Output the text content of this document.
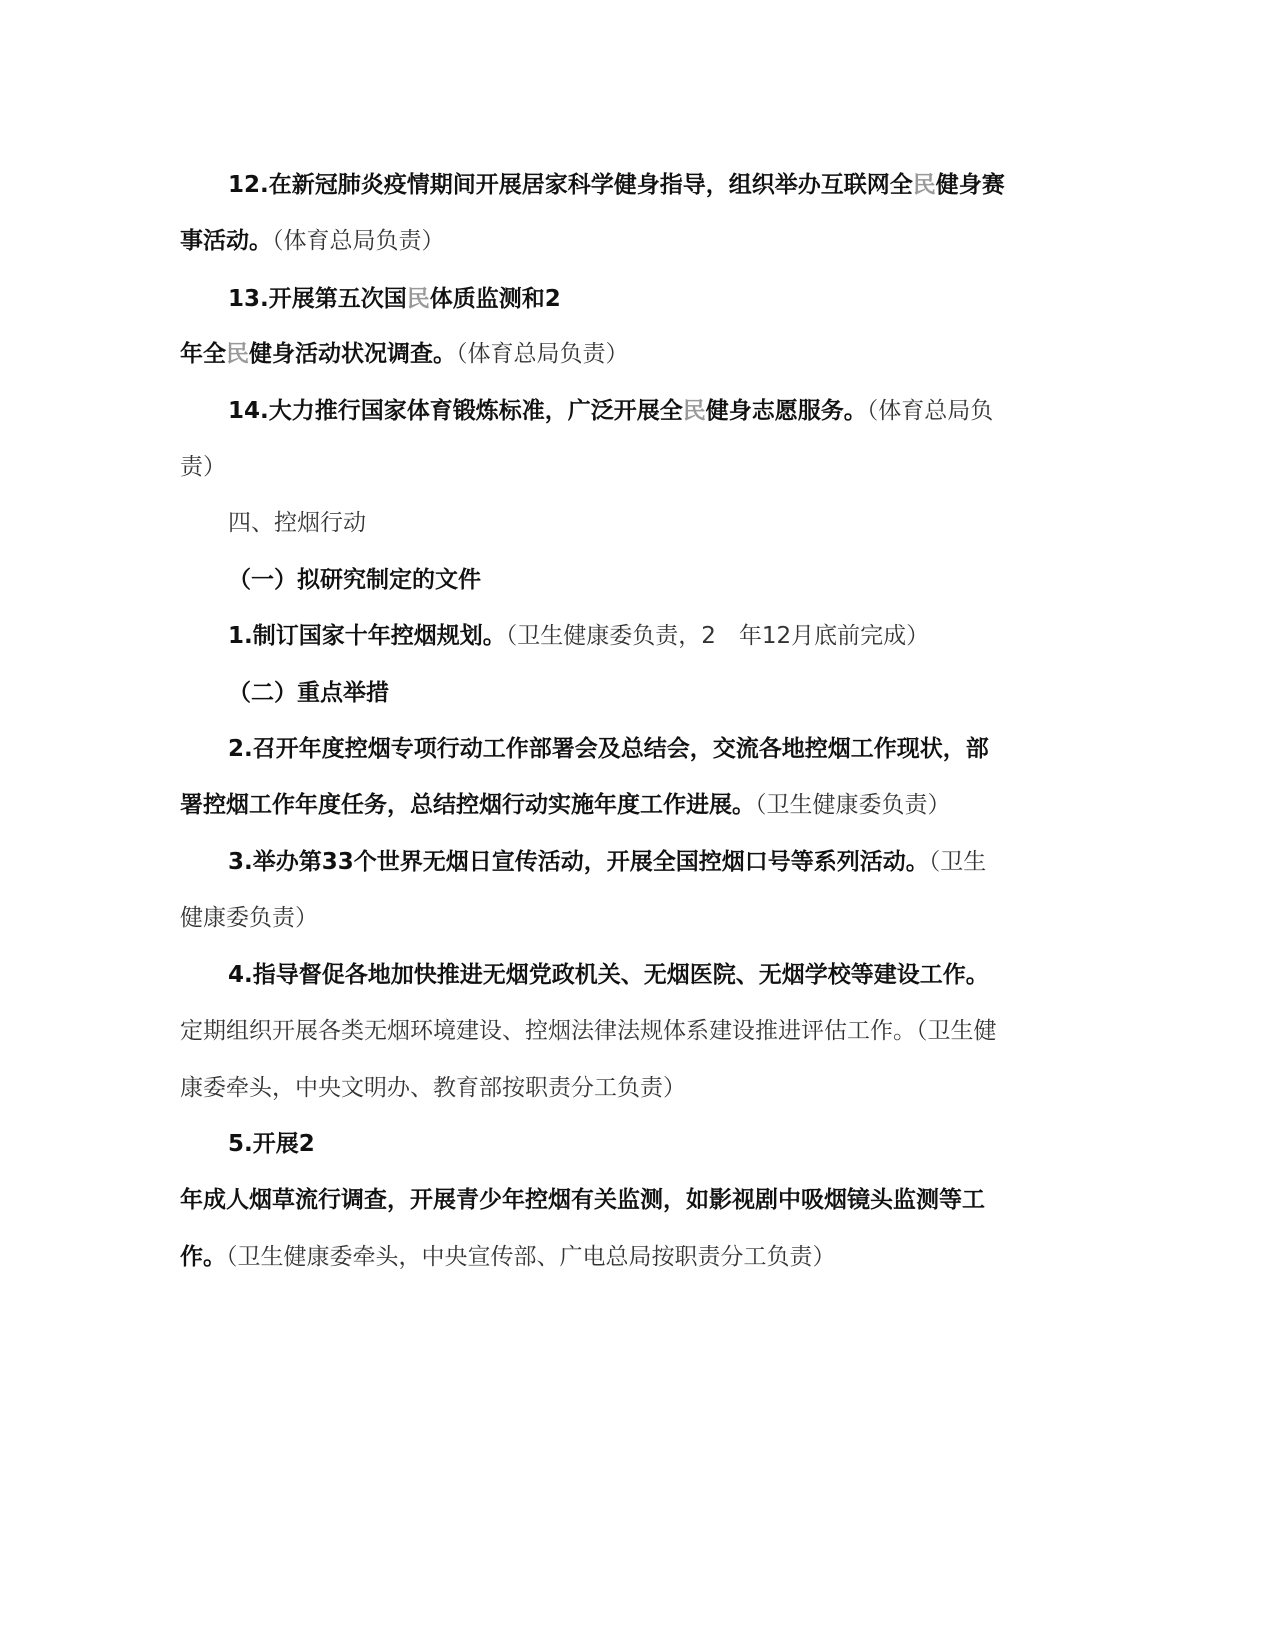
12.在新冠肺炎疫情期间开展居家科学健身指导，组织举办互联网全民健身赛
事活动。（体育总局负责）
13.开展第五次国民体质监测和2
年全民健身活动状况调查。（体育总局负责）
14.大力推行国家体育锻炼标准，广泛开展全民健身志愿服务。（体育总局负
责）
四、控烟行动
（一）拟研究制定的文件
1.制订国家十年控烟规划。（卫生健康委负责，2　年12月底前完成）
（二）重点举措
2.召开年度控烟专项行动工作部署会及总结会，交流各地控烟工作现状，部
署控烟工作年度任务，总结控烟行动实施年度工作进展。（卫生健康委负责）
3.举办第33个世界无烟日宣传活动，开展全国控烟口号等系列活动。（卫生
健康委负责）
4.指导督促各地加快推进无烟党政机关、无烟医院、无烟学校等建设工作。
定期组织开展各类无烟环境建设、控烟法律法规体系建设推进评估工作。（卫生健
康委牵头，中央文明办、教育部按职责分工负责）
5.开展2
年成人烟草流行调查，开展青少年控烟有关监测，如影视剧中吸烟镜头监测等工
作。（卫生健康委牵头，中央宣传部、广电总局按职责分工负责）
